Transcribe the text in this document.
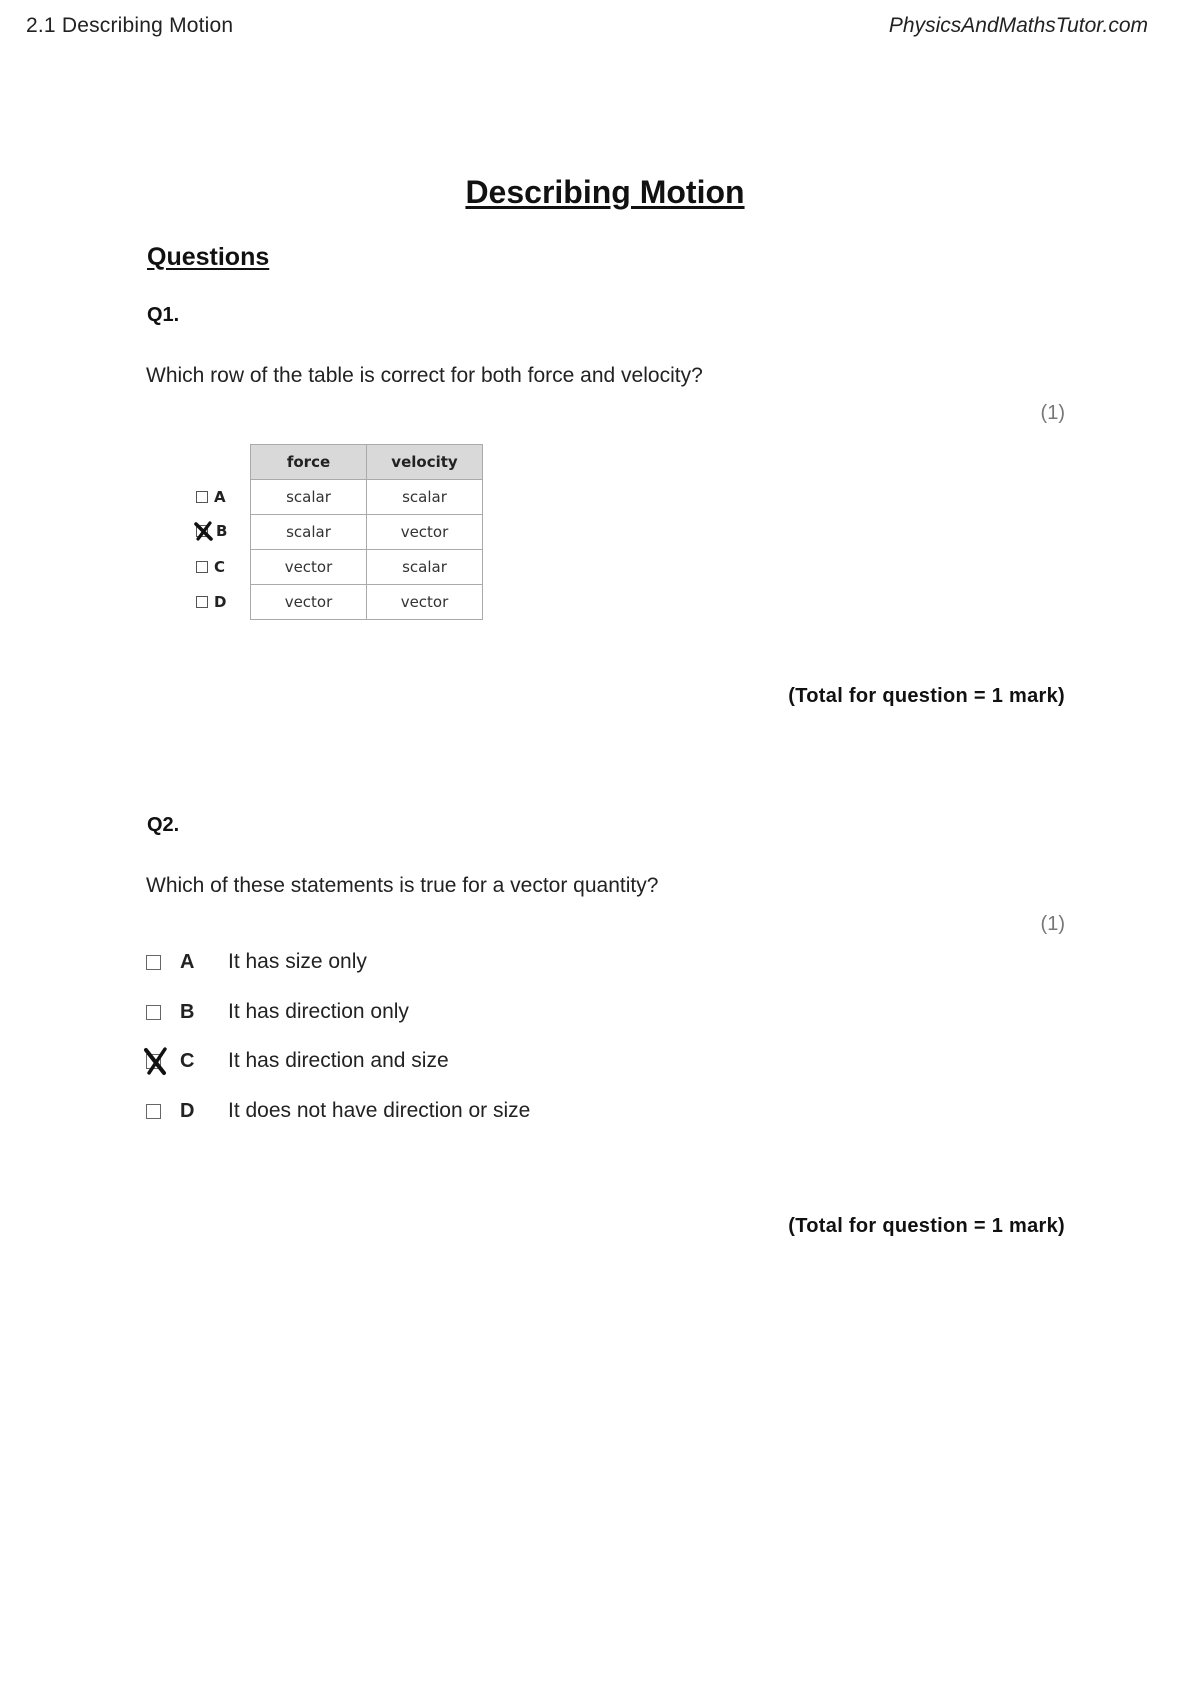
2.1 Describing Motion	PhysicsAndMathsTutor.com
Describing Motion
Questions
Q1.
Which row of the table is correct for both force and velocity?
(1)
	force	velocity

A	scalar	scalar

B	scalar	vector

C	vector	scalar

D	vector	vector
(Total for question = 1 mark)
Q2.
Which of these statements is true for a vector quantity?
(1)
A	It has size only
B	It has direction only
C	It has direction and size
D	It does not have direction or size
(Total for question = 1 mark)
